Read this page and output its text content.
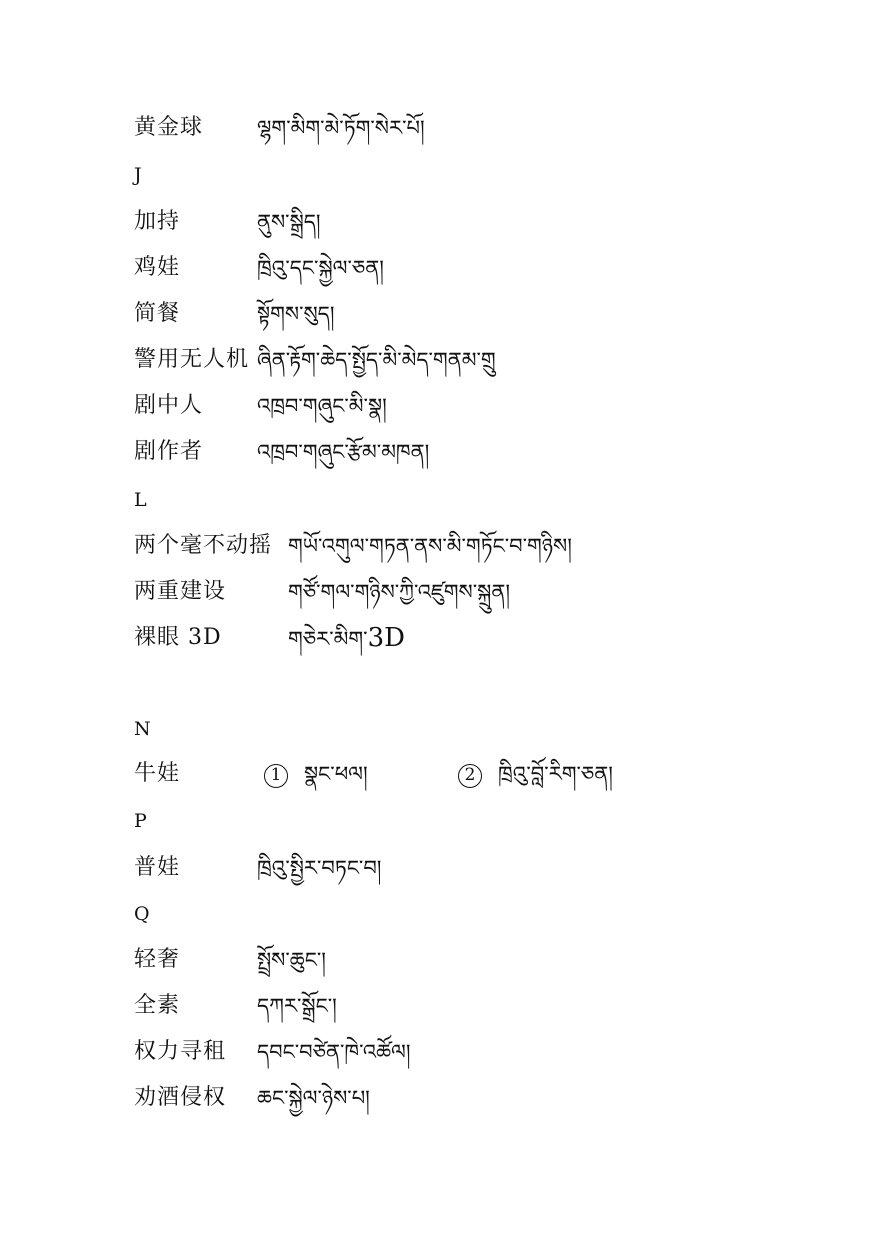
黄金球	ལྷག་མིག་མེ་ཏོག་སེར་པོ།
J
加持	ནུས་སྒྲིད།
鸡娃	ཁྲིའུ་དང་སྐྱེལ་ཅན།
简餐	སྟོགས་སུད།
警用无人机 ཞིན་རྟོག་ཆེད་སྤྱོད་མི་མེད་གནམ་གྲུ
剧中人	འཁྲབ་གཞུང་མི་སྣ།
剧作者	འཁྲབ་གཞུང་རྩོམ་མཁན།
L
两个毫不动摇 གཡོ་འགུལ་གཏན་ནས་མི་གཏོང་བ་གཉིས།
两重建设	གཙོ་གལ་གཉིས་ཀྱི་འཛུགས་སྐྲུན།
裸眼 3D	གཅེར་མིག་3D
N
牛娃	1 སྣང་ཕལ།	2 ཁྲིའུ་བློ་རིག་ཅན།
P
普娃	ཁྲིའུ་སྤྱིར་བཏང་བ།
Q
轻奢	སྤྲོས་ཆུང་།
全素	དཀར་སྒྲོང་།
权力寻租 དབང་བཙེན་ཁེ་འཚོལ།
劝酒侵权 ཆང་སྐྱེལ་ཉེས་པ།
